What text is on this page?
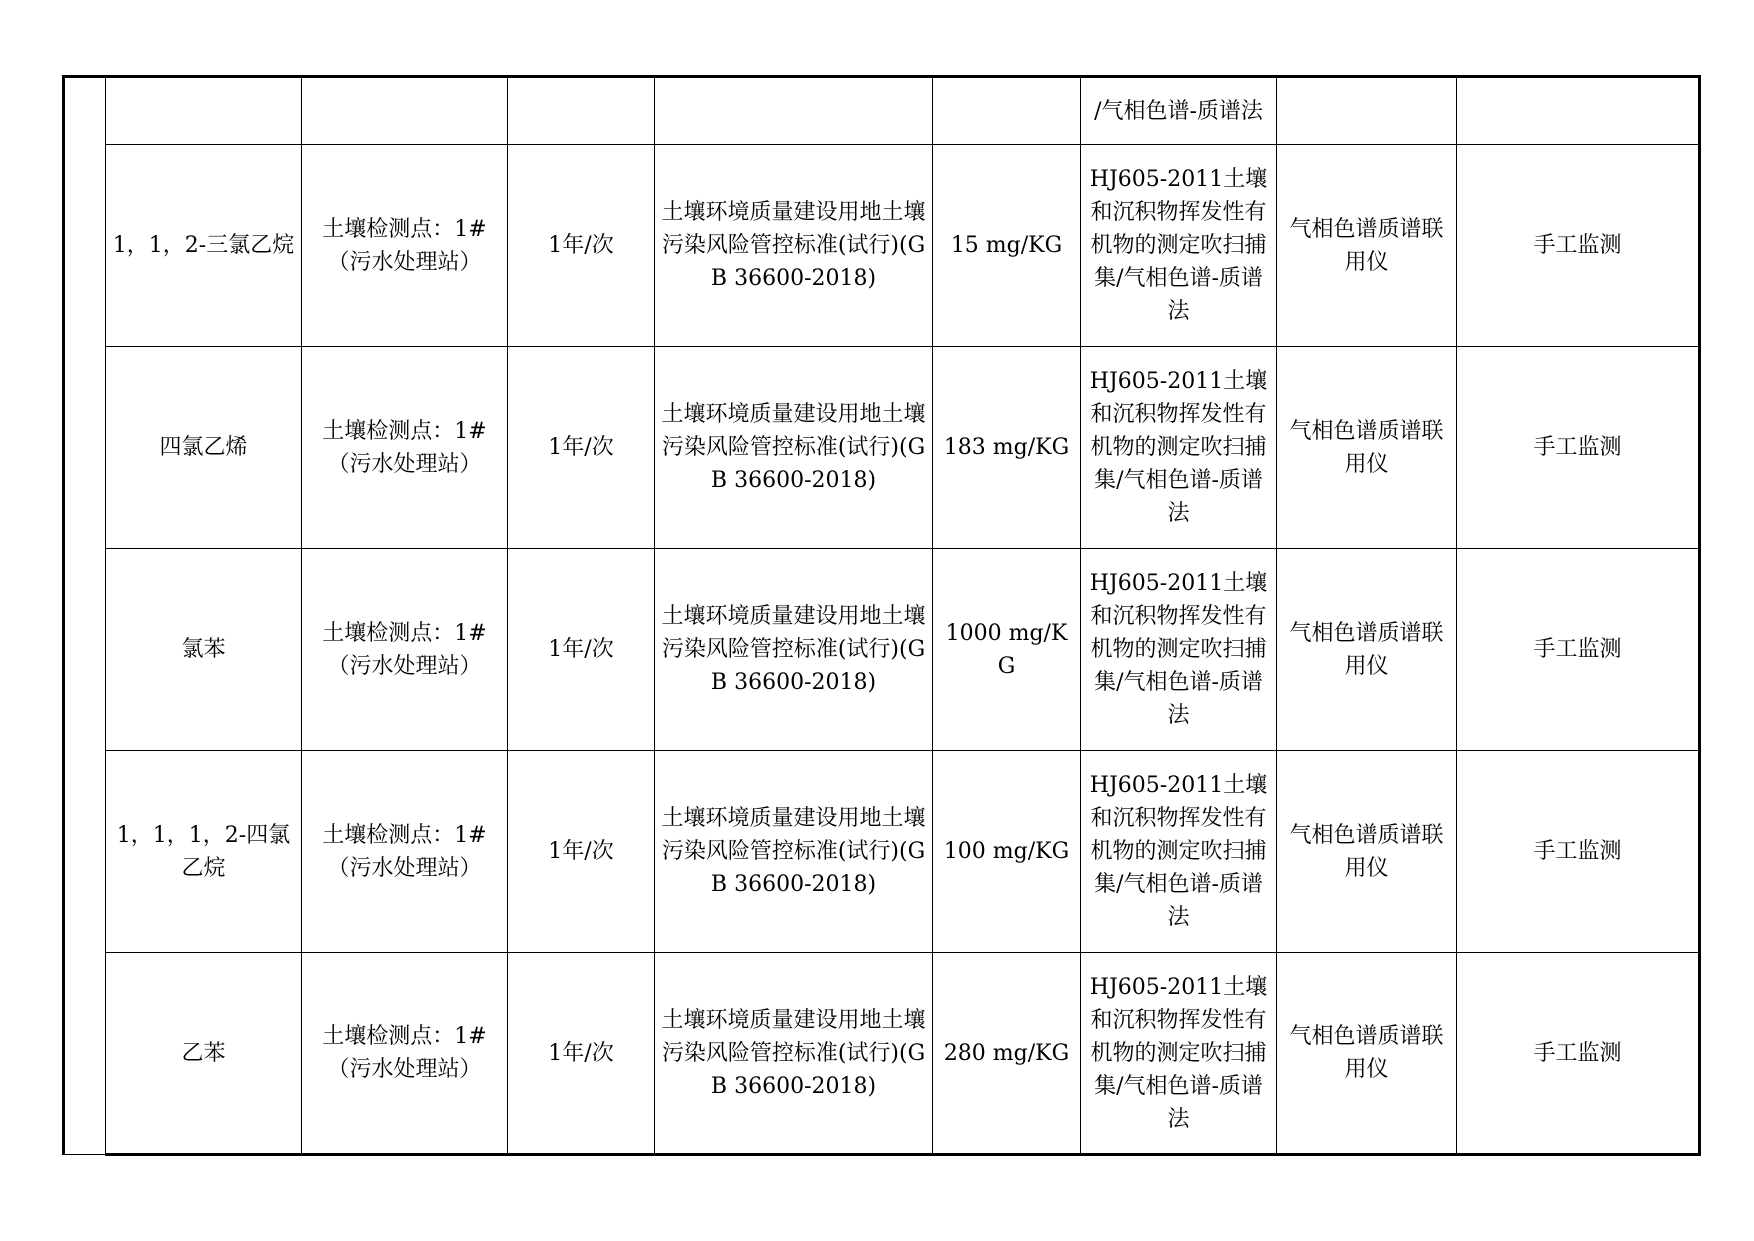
						/气相色谱-质谱法		

	1，1，2-三氯乙烷	土壤检测点：1#（污水处理站）	1年/次	土壤环境质量建设用地土壤污染风险管控标准(试行)(GB 36600-2018)	15 mg/KG	HJ605-2011土壤和沉积物挥发性有机物的测定吹扫捕集/气相色谱-质谱法	气相色谱质谱联用仪	手工监测

	四氯乙烯	土壤检测点：1#（污水处理站）	1年/次	土壤环境质量建设用地土壤污染风险管控标准(试行)(GB 36600-2018)	183 mg/KG	HJ605-2011土壤和沉积物挥发性有机物的测定吹扫捕集/气相色谱-质谱法	气相色谱质谱联用仪	手工监测

	氯苯	土壤检测点：1#（污水处理站）	1年/次	土壤环境质量建设用地土壤污染风险管控标准(试行)(GB 36600-2018)	1000 mg/KG	HJ605-2011土壤和沉积物挥发性有机物的测定吹扫捕集/气相色谱-质谱法	气相色谱质谱联用仪	手工监测

	1，1，1，2-四氯乙烷	土壤检测点：1#（污水处理站）	1年/次	土壤环境质量建设用地土壤污染风险管控标准(试行)(GB 36600-2018)	100 mg/KG	HJ605-2011土壤和沉积物挥发性有机物的测定吹扫捕集/气相色谱-质谱法	气相色谱质谱联用仪	手工监测

	乙苯	土壤检测点：1#（污水处理站）	1年/次	土壤环境质量建设用地土壤污染风险管控标准(试行)(GB 36600-2018)	280 mg/KG	HJ605-2011土壤和沉积物挥发性有机物的测定吹扫捕集/气相色谱-质谱法	气相色谱质谱联用仪	手工监测
